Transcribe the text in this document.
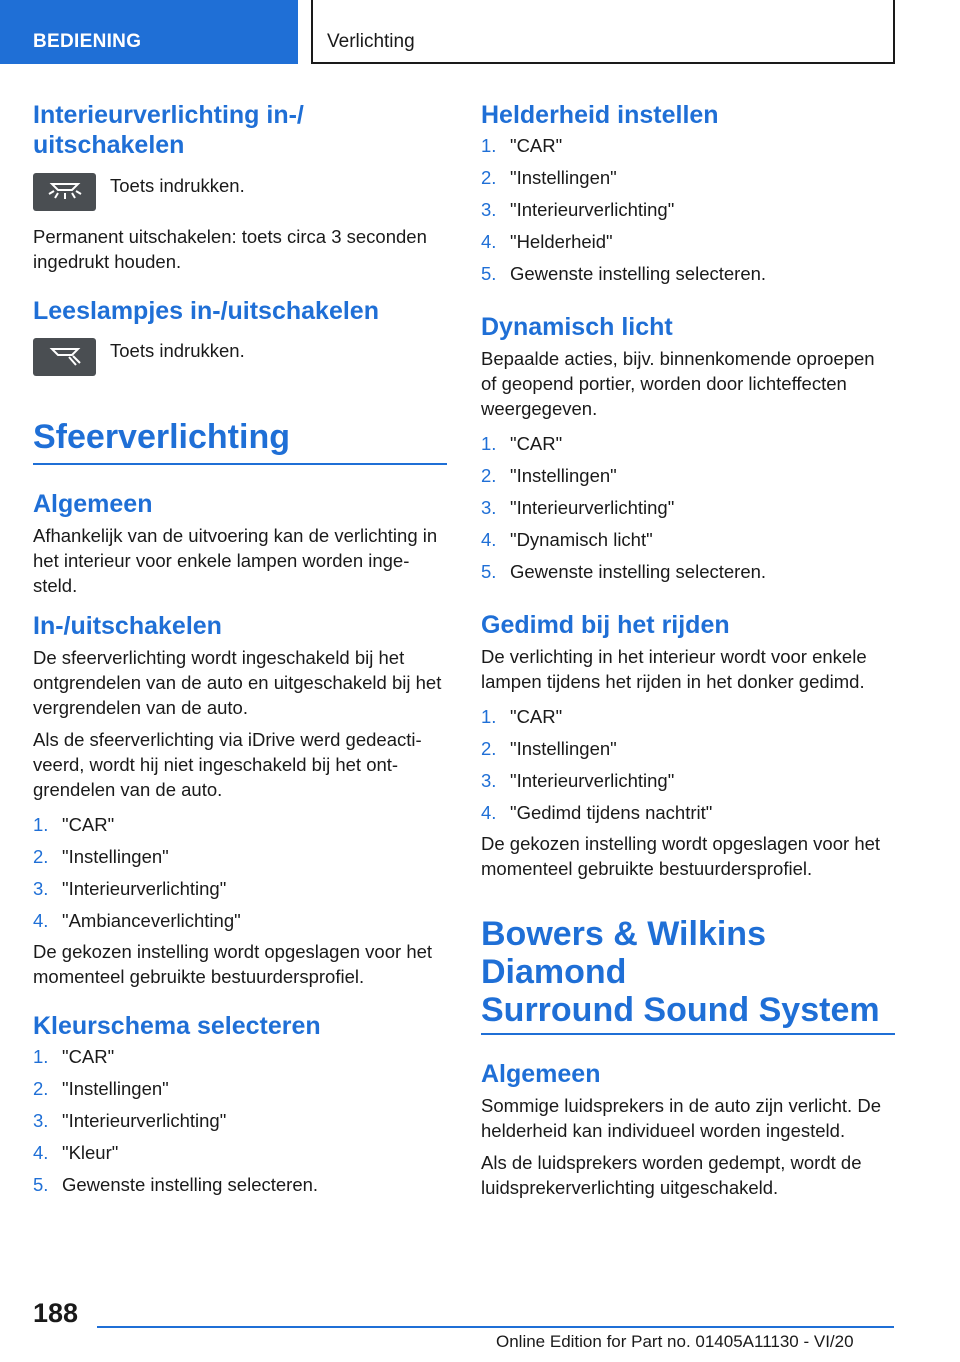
BEDIENING	Verlichting
Interieurverlichting in-/
uitschakelen

Toets indrukken.

Permanent uitschakelen: toets circa 3 seconden ingedrukt houden.

Leeslampjes in-/uitschakelen

Toets indrukken.

Sfeerverlichting
Algemeen

Afhankelijk van de uitvoering kan de verlichting in het interieur voor enkele lampen worden ingesteld.

In-/uitschakelen

De sfeerverlichting wordt ingeschakeld bij het ontgrendelen van de auto en uitgeschakeld bij het vergrendelen van de auto.

Als de sfeerverlichting via iDrive werd gedeactiveerd, wordt hij niet ingeschakeld bij het ontgrendelen van de auto.

1. "CAR"
2. "Instellingen"
3. "Interieurverlichting"
4. "Ambianceverlichting"

De gekozen instelling wordt opgeslagen voor het momenteel gebruikte bestuurdersprofiel.

Kleurschema selecteren
1. "CAR"
2. "Instellingen"
3. "Interieurverlichting"
4. "Kleur"
5. Gewenste instelling selecteren.
Helderheid instellen
1. "CAR"
2. "Instellingen"
3. "Interieurverlichting"
4. "Helderheid"
5. Gewenste instelling selecteren.
Dynamisch licht

Bepaalde acties, bijv. binnenkomende oproepen of geopend portier, worden door lichteffecten weergegeven.

1. "CAR"
2. "Instellingen"
3. "Interieurverlichting"
4. "Dynamisch licht"
5. Gewenste instelling selecteren.
Gedimd bij het rijden

De verlichting in het interieur wordt voor enkele lampen tijdens het rijden in het donker gedimd.

1. "CAR"
2. "Instellingen"
3. "Interieurverlichting"
4. "Gedimd tijdens nachtrit"

De gekozen instelling wordt opgeslagen voor het momenteel gebruikte bestuurdersprofiel.

Bowers & Wilkins Diamond
Surround Sound System
Algemeen

Sommige luidsprekers in de auto zijn verlicht. De helderheid kan individueel worden ingesteld.

Als de luidsprekers worden gedempt, wordt de luidsprekerverlichting uitgeschakeld.

188
Online Edition for Part no. 01405A11130 - VI/20
